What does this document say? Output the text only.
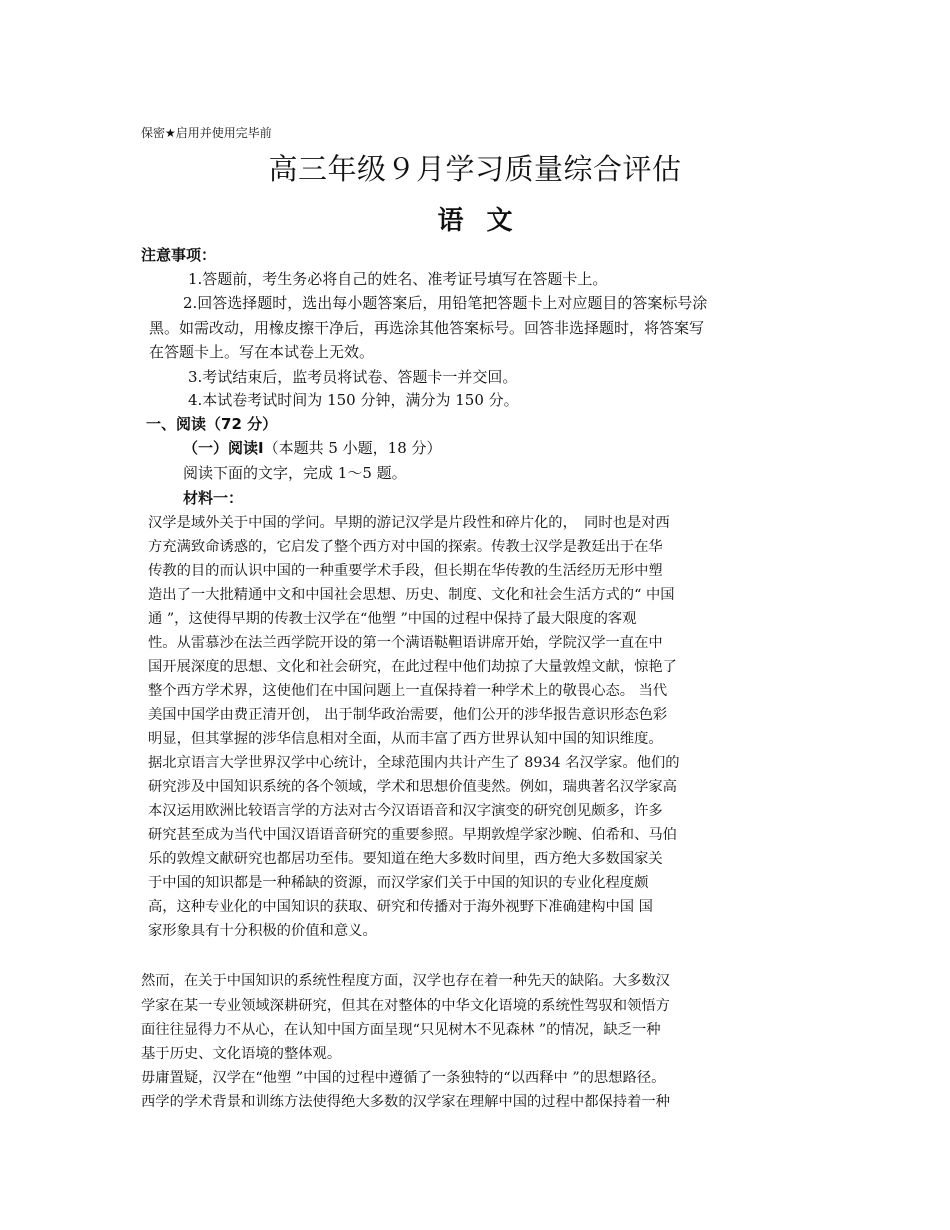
保密★启用并使用完毕前
高三年级９月学习质量综合评估
语 文
注意事项：
1.答题前，考生务必将自己的姓名、准考证号填写在答题卡上。
2.回答选择题时，选出每小题答案后，用铅笔把答题卡上对应题目的答案标号涂
黑。如需改动，用橡皮擦干净后，再选涂其他答案标号。回答非选择题时，将答案写
在答题卡上。写在本试卷上无效。
3.考试结束后，监考员将试卷、答题卡一并交回。
4.本试卷考试时间为 150 分钟，满分为 150 分。
一、阅读（72 分）
（一）阅读Ⅰ（本题共 5 小题，18 分）
阅读下面的文字，完成 1～5 题。
材料一：
汉学是域外关于中国的学问。早期的游记汉学是片段性和碎片化的，　同时也是对西
方充满致命诱惑的，它启发了整个西方对中国的探索。传教士汉学是教廷出于在华
传教的目的而认识中国的一种重要学术手段，但长期在华传教的生活经历无形中塑
造出了一大批精通中文和中国社会思想、历史、制度、文化和社会生活方式的“ 中国
通 ”，这使得早期的传教士汉学在“他塑 ”中国的过程中保持了最大限度的客观
性。从雷慕沙在法兰西学院开设的第一个满语鞑靼语讲席开始，学院汉学一直在中
国开展深度的思想、文化和社会研究，在此过程中他们劫掠了大量敦煌文献，惊艳了
整个西方学术界，这使他们在中国问题上一直保持着一种学术上的敬畏心态。 当代
美国中国学由费正清开创， 出于制华政治需要，他们公开的涉华报告意识形态色彩
明显，但其掌握的涉华信息相对全面，从而丰富了西方世界认知中国的知识维度。
据北京语言大学世界汉学中心统计，全球范围内共计产生了 8934 名汉学家。他们的
研究涉及中国知识系统的各个领域，学术和思想价值斐然。例如，瑞典著名汉学家高
本汉运用欧洲比较语言学的方法对古今汉语语音和汉字演变的研究创见颇多，许多
研究甚至成为当代中国汉语语音研究的重要参照。早期敦煌学家沙畹、伯希和、马伯
乐的敦煌文献研究也都居功至伟。要知道在绝大多数时间里，西方绝大多数国家关
于中国的知识都是一种稀缺的资源，而汉学家们关于中国的知识的专业化程度颇
高，这种专业化的中国知识的获取、研究和传播对于海外视野下准确建构中国 国
家形象具有十分积极的价值和意义。
然而，在关于中国知识的系统性程度方面，汉学也存在着一种先天的缺陷。大多数汉
学家在某一专业领域深耕研究，但其在对整体的中华文化语境的系统性驾驭和领悟方
面往往显得力不从心，在认知中国方面呈现“只见树木不见森林 ”的情况，缺乏一种
基于历史、文化语境的整体观。
毋庸置疑，汉学在“他塑 ”中国的过程中遵循了一条独特的“以西释中 ”的思想路径。
西学的学术背景和训练方法使得绝大多数的汉学家在理解中国的过程中都保持着一种
